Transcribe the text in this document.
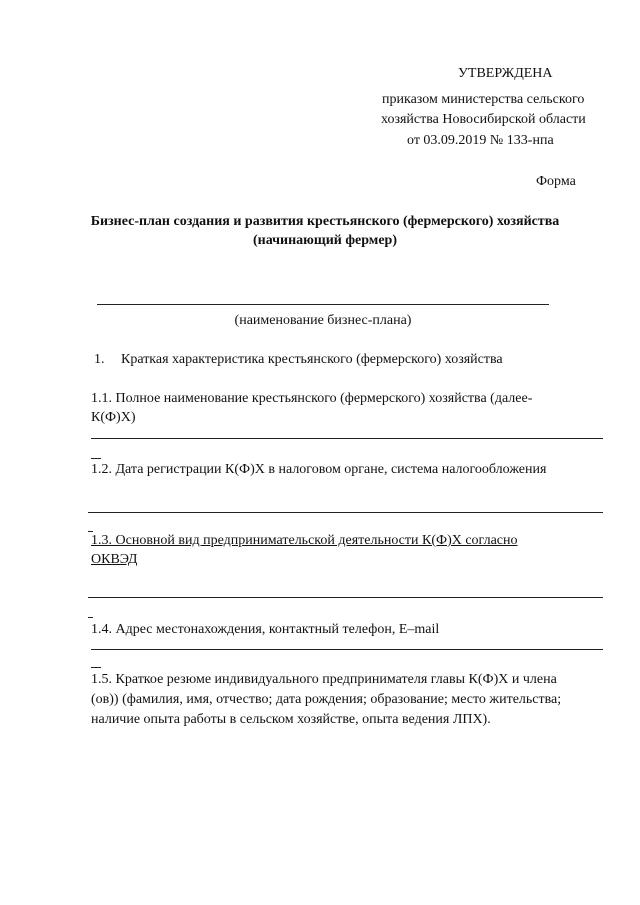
УТВЕРЖДЕНА
приказом министерства сельского
хозяйства Новосибирской области
от 03.09.2019 № 133-нпа
Форма
Бизнес-план создания и развития крестьянского (фермерского) хозяйства
(начинающий фермер)
(наименование бизнес-плана)
1. Краткая характеристика крестьянского (фермерского) хозяйства
1.1. Полное наименование крестьянского (фермерского) хозяйства (далее-
К(Ф)Х)
1.2. Дата регистрации К(Ф)Х в налоговом органе, система налогообложения
1.3. Основной вид предпринимательской деятельности К(Ф)Х согласно
ОКВЭД
1.4. Адрес местонахождения, контактный телефон, E–mail
1.5. Краткое резюме индивидуального предпринимателя главы К(Ф)Х и члена
(ов)) (фамилия, имя, отчество; дата рождения; образование; место жительства;
наличие опыта работы в сельском хозяйстве, опыта ведения ЛПХ).
